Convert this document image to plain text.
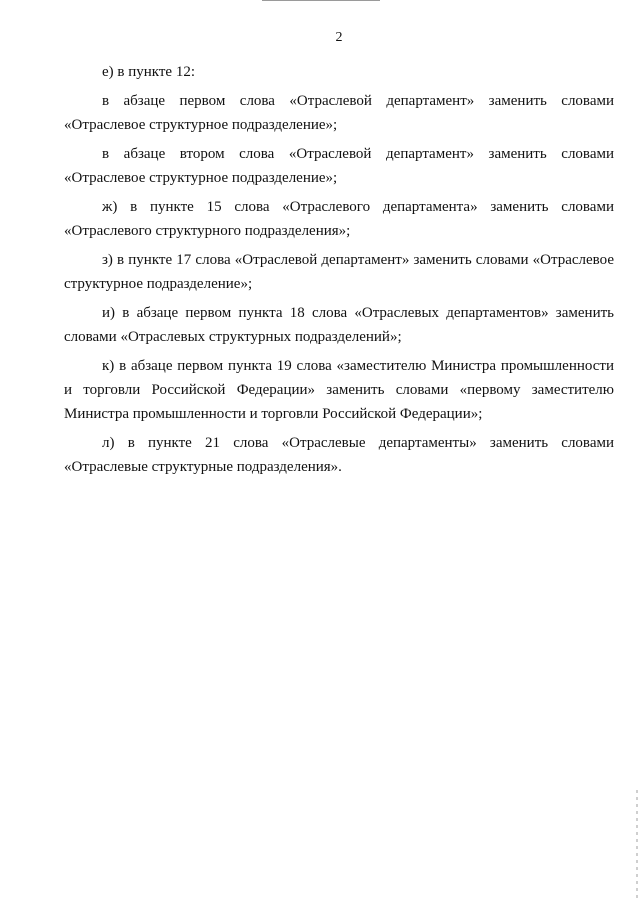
2

е) в пункте 12:

в абзаце первом слова «Отраслевой департамент» заменить словами «Отраслевое структурное подразделение»;

в абзаце втором слова «Отраслевой департамент» заменить словами «Отраслевое структурное подразделение»;

ж) в пункте 15 слова «Отраслевого департамента» заменить словами «Отраслевого структурного подразделения»;

з) в пункте 17 слова «Отраслевой департамент» заменить словами «Отраслевое структурное подразделение»;

и) в абзаце первом пункта 18 слова «Отраслевых департаментов» заменить словами «Отраслевых структурных подразделений»;

к) в абзаце первом пункта 19 слова «заместителю Министра промышленности и торговли Российской Федерации» заменить словами «первому заместителю Министра промышленности и торговли Российской Федерации»;

л) в пункте 21 слова «Отраслевые департаменты» заменить словами «Отраслевые структурные подразделения».
